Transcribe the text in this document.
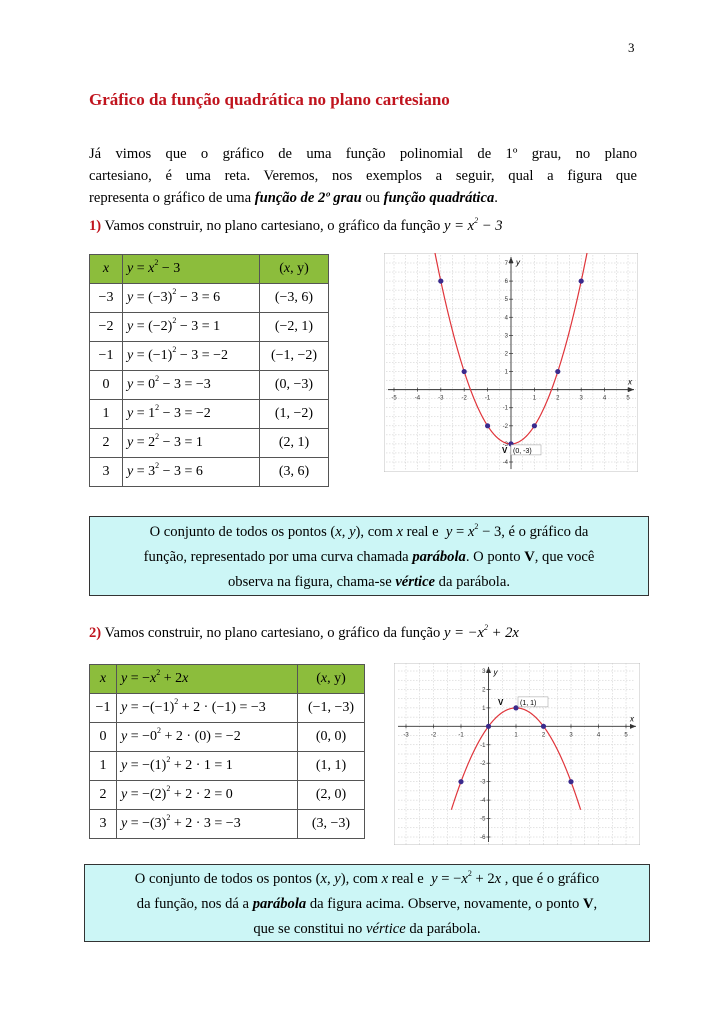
3
Gráfico da função quadrática no plano cartesiano
Já vimos que o gráfico de uma função polinomial de 1º grau, no plano
cartesiano, é uma reta. Veremos, nos exemplos a seguir, qual a figura que
representa o gráfico de uma função de 2º grau ou função quadrática.
1) Vamos construir, no plano cartesiano, o gráfico da função $y = x^2 - 3$
x	$y = x^2 - 3$	(x, y)
−3	$y = (-3)^2 - 3 = 6$	(−3, 6)
−2	$y = (-2)^2 - 3 = 1$	(−2, 1)
−1	$y = (-1)^2 - 3 = -2$	(−1, −2)
0	$y = 0^2 - 3 = -3$	(0, −3)
1	$y = 1^2 - 3 = -2$	(1, −2)
2	$y = 2^2 - 3 = 1$	(2, 1)
3	$y = 3^2 - 3 = 6$	(3, 6)
x
y
-5	-4	-3	-2	-1	1	2	3	4	5
7
6
5
4
3
2
1
-1
-2
-3
-4
V (0, -3)
O conjunto de todos os pontos (x, y), com x real e  $y = x^2 - 3$, é o gráfico da
função, representado por uma curva chamada parábola. O ponto V, que você
observa na figura, chama-se vértice da parábola.
2) Vamos construir, no plano cartesiano, o gráfico da função $y = -x^2 + 2x$
x	$y = -x^2 + 2x$	(x, y)
−1	$y = -(-1)^2 + 2 \cdot (-1) = -3$	(−1, −3)
0	$y = -0^2 + 2 \cdot (0) = -2$	(0, 0)
1	$y = -(1)^2 + 2 \cdot 1 = 1$	(1, 1)
2	$y = -(2)^2 + 2 \cdot 2 = 0$	(2, 0)
3	$y = -(3)^2 + 2 \cdot 3 = -3$	(3, −3)
x
y
-3	-2	-1	1	2	3	4	5
3
2
1
-1
-2
-3
-4
-5
-6
V (1, 1)
O conjunto de todos os pontos (x, y), com x real e  $y = -x^2 + 2x$ , que é o gráfico
da função, nos dá a parábola da figura acima. Observe, novamente, o ponto V,
que se constitui no vértice da parábola.
